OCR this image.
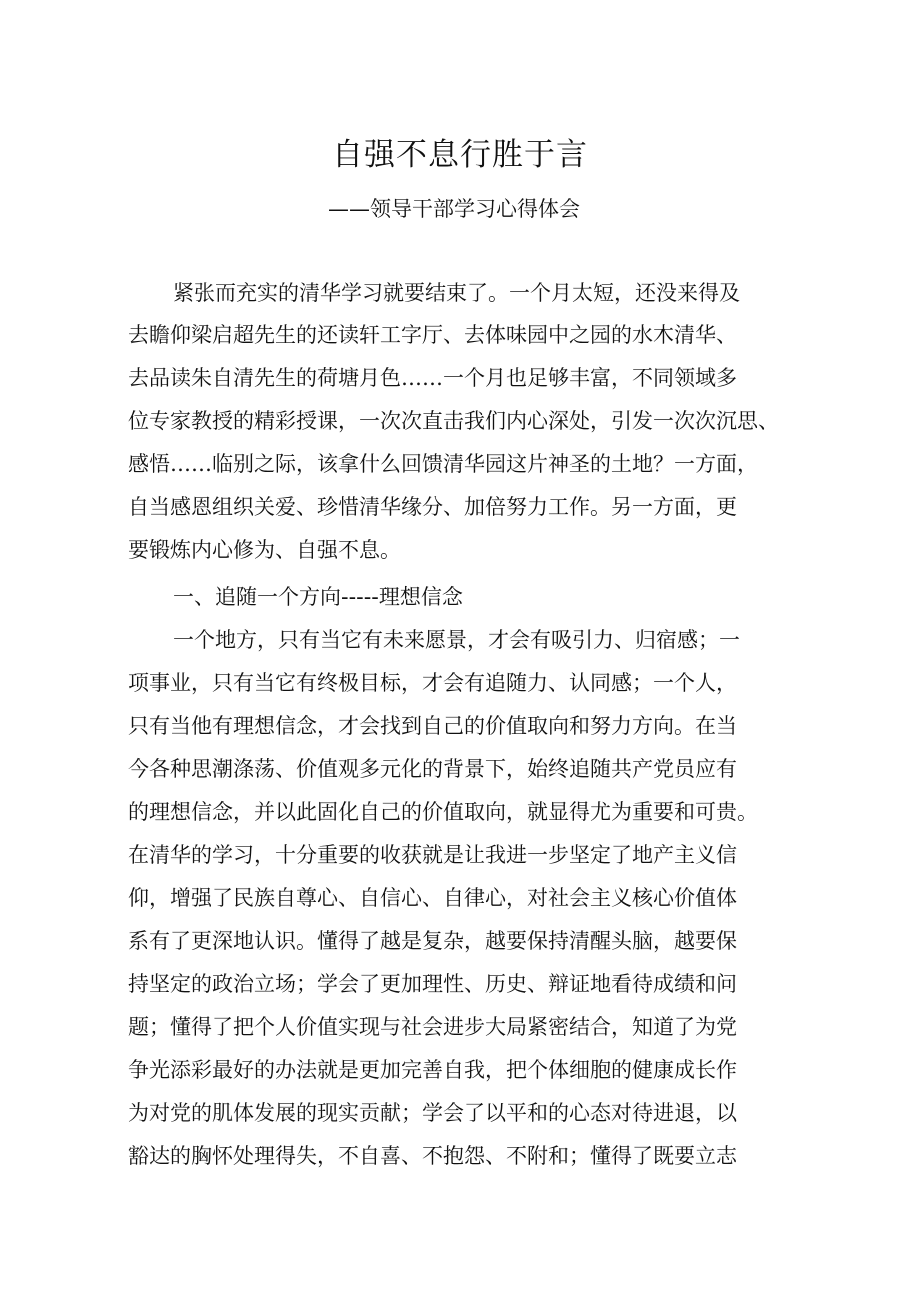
自强不息行胜于言
——领导干部学习心得体会
紧张而充实的清华学习就要结束了。一个月太短，还没来得及
去瞻仰梁启超先生的还读轩工字厅、去体味园中之园的水木清华、
去品读朱自清先生的荷塘月色……一个月也足够丰富，不同领域多
位专家教授的精彩授课，一次次直击我们内心深处，引发一次次沉思、
感悟……临别之际，该拿什么回馈清华园这片神圣的土地？一方面，
自当感恩组织关爱、珍惜清华缘分、加倍努力工作。另一方面，更
要锻炼内心修为、自强不息。
一、追随一个方向-----理想信念
一个地方，只有当它有未来愿景，才会有吸引力、归宿感；一
项事业，只有当它有终极目标，才会有追随力、认同感；一个人，
只有当他有理想信念，才会找到自己的价值取向和努力方向。在当
今各种思潮涤荡、价值观多元化的背景下，始终追随共产党员应有
的理想信念，并以此固化自己的价值取向，就显得尤为重要和可贵。
在清华的学习，十分重要的收获就是让我进一步坚定了地产主义信
仰，增强了民族自尊心、自信心、自律心，对社会主义核心价值体
系有了更深地认识。懂得了越是复杂，越要保持清醒头脑，越要保
持坚定的政治立场；学会了更加理性、历史、辩证地看待成绩和问
题；懂得了把个人价值实现与社会进步大局紧密结合，知道了为党
争光添彩最好的办法就是更加完善自我，把个体细胞的健康成长作
为对党的肌体发展的现实贡献；学会了以平和的心态对待进退，以
豁达的胸怀处理得失，不自喜、不抱怨、不附和；懂得了既要立志
